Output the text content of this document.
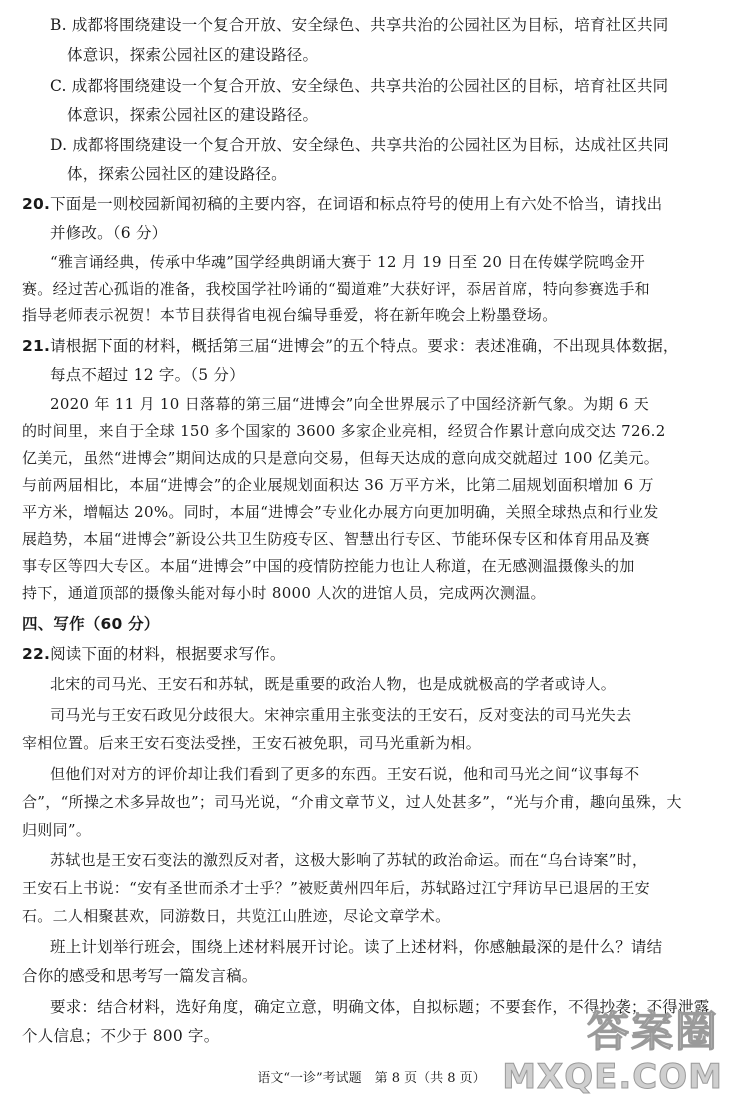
B. 成都将围绕建设一个复合开放、安全绿色、共享共治的公园社区为目标，培育社区共同
体意识，探索公园社区的建设路径。
C. 成都将围绕建设一个复合开放、安全绿色、共享共治的公园社区的目标，培育社区共同
体意识，探索公园社区的建设路径。
D. 成都将围绕建设一个复合开放、安全绿色、共享共治的公园社区为目标，达成社区共同
体，探索公园社区的建设路径。
20.下面是一则校园新闻初稿的主要内容，在词语和标点符号的使用上有六处不恰当，请找出
并修改。（6 分）
“雅言诵经典，传承中华魂”国学经典朗诵大赛于 12 月 19 日至 20 日在传媒学院鸣金开
赛。经过苦心孤诣的准备，我校国学社吟诵的“蜀道难”大获好评，忝居首席，特向参赛选手和
指导老师表示祝贺！本节目获得省电视台编导垂爱，将在新年晚会上粉墨登场。
21.请根据下面的材料，概括第三届“进博会”的五个特点。要求：表述准确，不出现具体数据，
每点不超过 12 字。（5 分）
2020 年 11 月 10 日落幕的第三届“进博会”向全世界展示了中国经济新气象。为期 6 天
的时间里，来自于全球 150 多个国家的 3600 多家企业亮相，经贸合作累计意向成交达 726.2
亿美元，虽然“进博会”期间达成的只是意向交易，但每天达成的意向成交就超过 100 亿美元。
与前两届相比，本届“进博会”的企业展规划面积达 36 万平方米，比第二届规划面积增加 6 万
平方米，增幅达 20%。同时，本届“进博会”专业化办展方向更加明确，关照全球热点和行业发
展趋势，本届“进博会”新设公共卫生防疫专区、智慧出行专区、节能环保专区和体育用品及赛
事专区等四大专区。本届“进博会”中国的疫情防控能力也让人称道，在无感测温摄像头的加
持下，通道顶部的摄像头能对每小时 8000 人次的进馆人员，完成两次测温。
四、写作（60 分）
22.阅读下面的材料，根据要求写作。
北宋的司马光、王安石和苏轼，既是重要的政治人物，也是成就极高的学者或诗人。
司马光与王安石政见分歧很大。宋神宗重用主张变法的王安石，反对变法的司马光失去
宰相位置。后来王安石变法受挫，王安石被免职，司马光重新为相。
但他们对对方的评价却让我们看到了更多的东西。王安石说，他和司马光之间“议事每不
合”，“所操之术多异故也”；司马光说，“介甫文章节义，过人处甚多”，“光与介甫，趣向虽殊，大
归则同”。
苏轼也是王安石变法的激烈反对者，这极大影响了苏轼的政治命运。而在“乌台诗案”时，
王安石上书说：“安有圣世而杀才士乎？”被贬黄州四年后，苏轼路过江宁拜访早已退居的王安
石。二人相聚甚欢，同游数日，共览江山胜迹，尽论文章学术。
班上计划举行班会，围绕上述材料展开讨论。读了上述材料，你感触最深的是什么？请结
合你的感受和思考写一篇发言稿。
要求：结合材料，选好角度，确定立意，明确文体，自拟标题；不要套作，不得抄袭；不得泄露
个人信息；不少于 800 字。
语文“一诊”考试题　第 8 页（共 8 页）
答案圈
MXQE.COM
